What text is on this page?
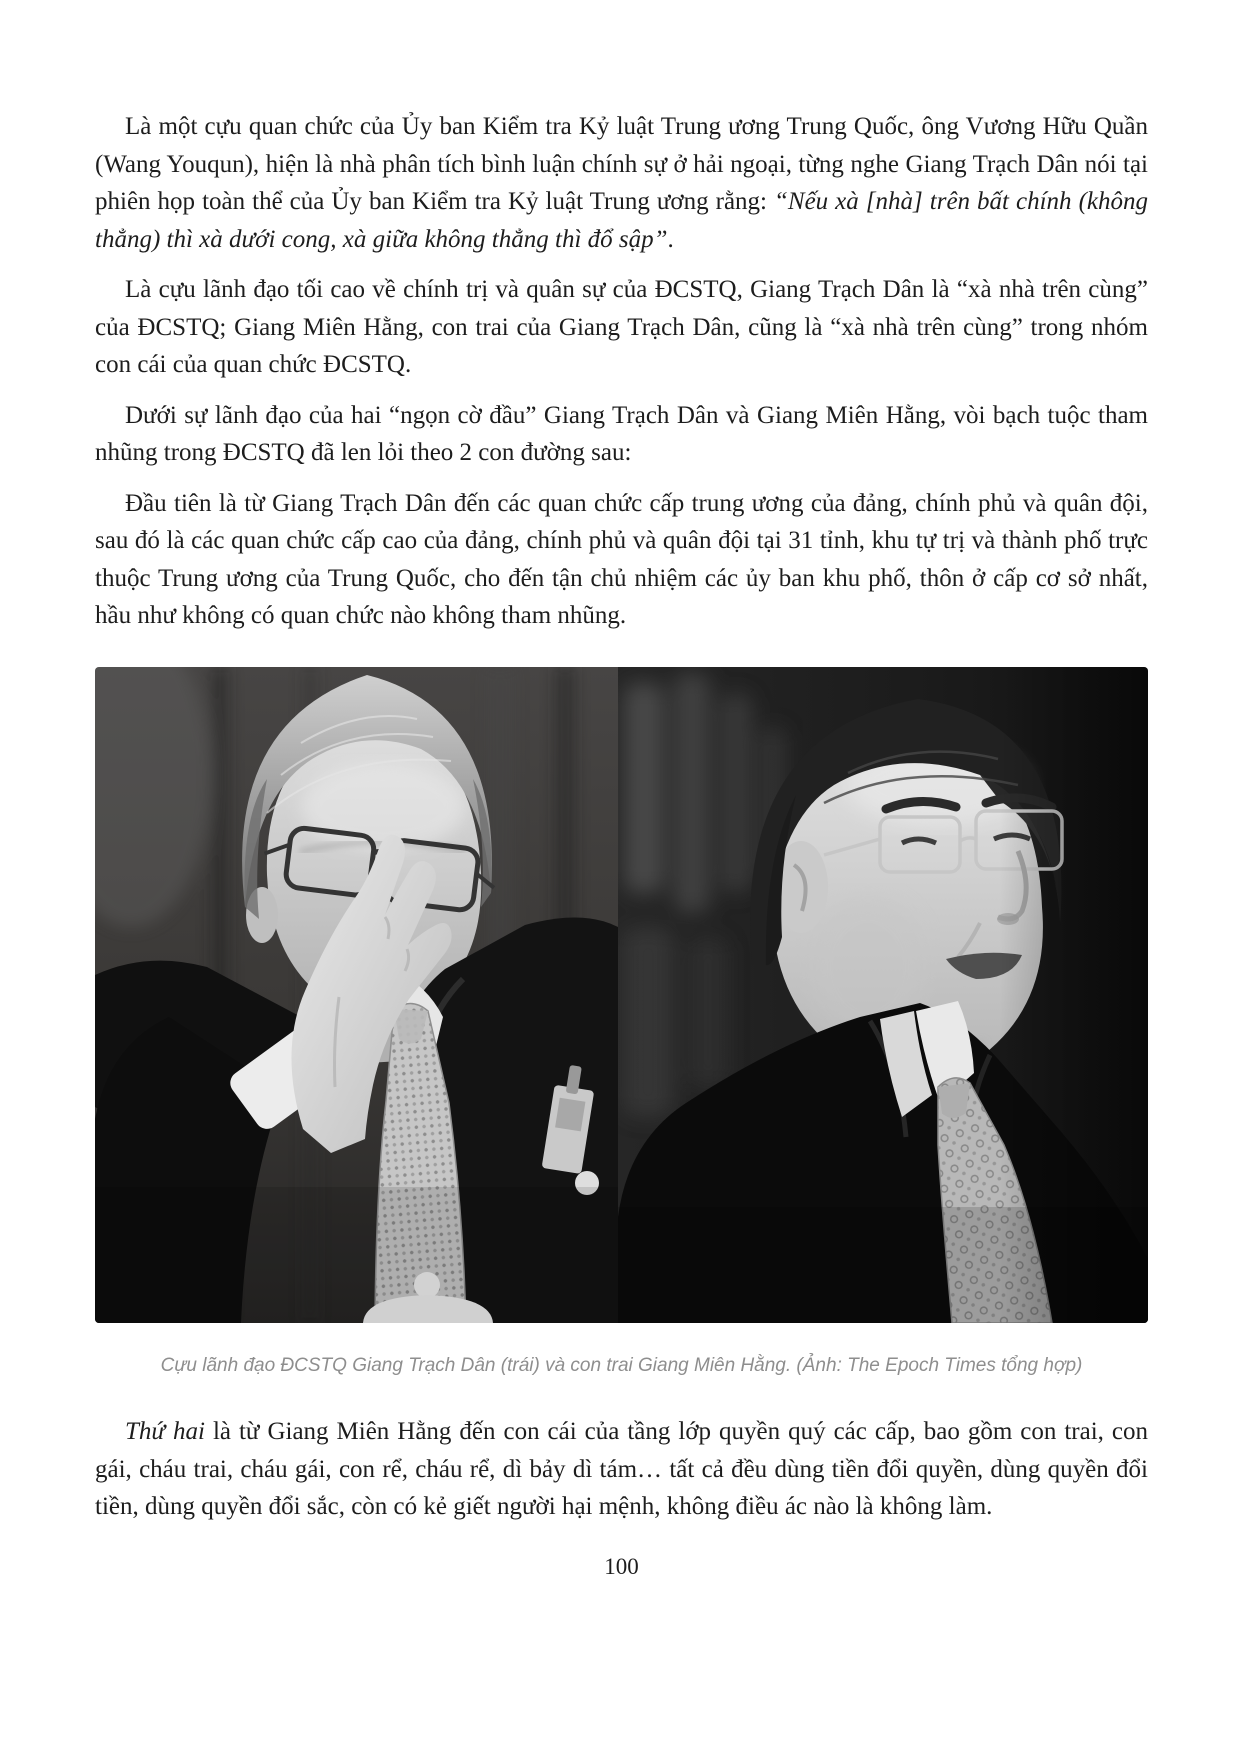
Là một cựu quan chức của Ủy ban Kiểm tra Kỷ luật Trung ương Trung Quốc, ông Vương Hữu Quần (Wang Youqun), hiện là nhà phân tích bình luận chính sự ở hải ngoại, từng nghe Giang Trạch Dân nói tại phiên họp toàn thể của Ủy ban Kiểm tra Kỷ luật Trung ương rằng: “Nếu xà [nhà] trên bất chính (không thẳng) thì xà dưới cong, xà giữa không thẳng thì đổ sập”.

Là cựu lãnh đạo tối cao về chính trị và quân sự của ĐCSTQ, Giang Trạch Dân là “xà nhà trên cùng” của ĐCSTQ; Giang Miên Hằng, con trai của Giang Trạch Dân, cũng là “xà nhà trên cùng” trong nhóm con cái của quan chức ĐCSTQ.

Dưới sự lãnh đạo của hai “ngọn cờ đầu” Giang Trạch Dân và Giang Miên Hằng, vòi bạch tuộc tham nhũng trong ĐCSTQ đã len lỏi theo 2 con đường sau:

Đầu tiên là từ Giang Trạch Dân đến các quan chức cấp trung ương của đảng, chính phủ và quân đội, sau đó là các quan chức cấp cao của đảng, chính phủ và quân đội tại 31 tỉnh, khu tự trị và thành phố trực thuộc Trung ương của Trung Quốc, cho đến tận chủ nhiệm các ủy ban khu phố, thôn ở cấp cơ sở nhất, hầu như không có quan chức nào không tham nhũng.

Cựu lãnh đạo ĐCSTQ Giang Trạch Dân (trái) và con trai Giang Miên Hằng. (Ảnh: The Epoch Times tổng hợp)

Thứ hai là từ Giang Miên Hằng đến con cái của tầng lớp quyền quý các cấp, bao gồm con trai, con gái, cháu trai, cháu gái, con rể, cháu rể, dì bảy dì tám… tất cả đều dùng tiền đổi quyền, dùng quyền đổi tiền, dùng quyền đổi sắc, còn có kẻ giết người hại mệnh, không điều ác nào là không làm.

100
